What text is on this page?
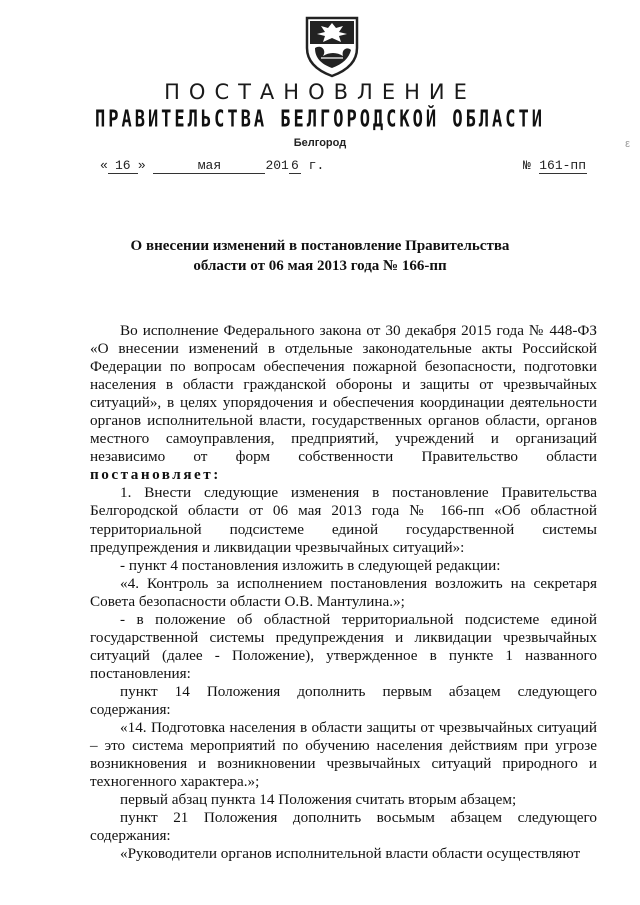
ПОСТАНОВЛЕНИЕ
ПРАВИТЕЛЬСТВА БЕЛГОРОДСКОЙ ОБЛАСТИ
Белгород	ε
« 16 »	мая	201 6 г.	№ 161-пп
О внесении изменений в постановление Правительства
области от 06 мая 2013 года № 166-пп

Во исполнение Федерального закона от 30 декабря 2015 года № 448-ФЗ «О внесении изменений в отдельные законодательные акты Российской Федерации по вопросам обеспечения пожарной безопасности, подготовки населения в области гражданской обороны и защиты от чрезвычайных ситуаций», в целях упорядочения и обеспечения координации деятельности органов исполнительной власти, государственных органов области, органов местного самоуправления, предприятий, учреждений и организаций независимо от форм собственности Правительство области постановляет:

1. Внести следующие изменения в постановление Правительства Белгородской области от 06 мая 2013 года № 166-пп «Об областной территориальной подсистеме единой государственной системы предупреждения и ликвидации чрезвычайных ситуаций»:

- пункт 4 постановления изложить в следующей редакции:

«4. Контроль за исполнением постановления возложить на секретаря Совета безопасности области О.В. Мантулина.»;

- в положение об областной территориальной подсистеме единой государственной системы предупреждения и ликвидации чрезвычайных ситуаций (далее - Положение), утвержденное в пункте 1 названного постановления:

пункт 14 Положения дополнить первым абзацем следующего содержания:

«14. Подготовка населения в области защиты от чрезвычайных ситуаций – это система мероприятий по обучению населения действиям при угрозе возникновения и возникновении чрезвычайных ситуаций природного и техногенного характера.»;

первый абзац пункта 14 Положения считать вторым абзацем;

пункт 21 Положения дополнить восьмым абзацем следующего содержания:

«Руководители органов исполнительной власти области осуществляют
